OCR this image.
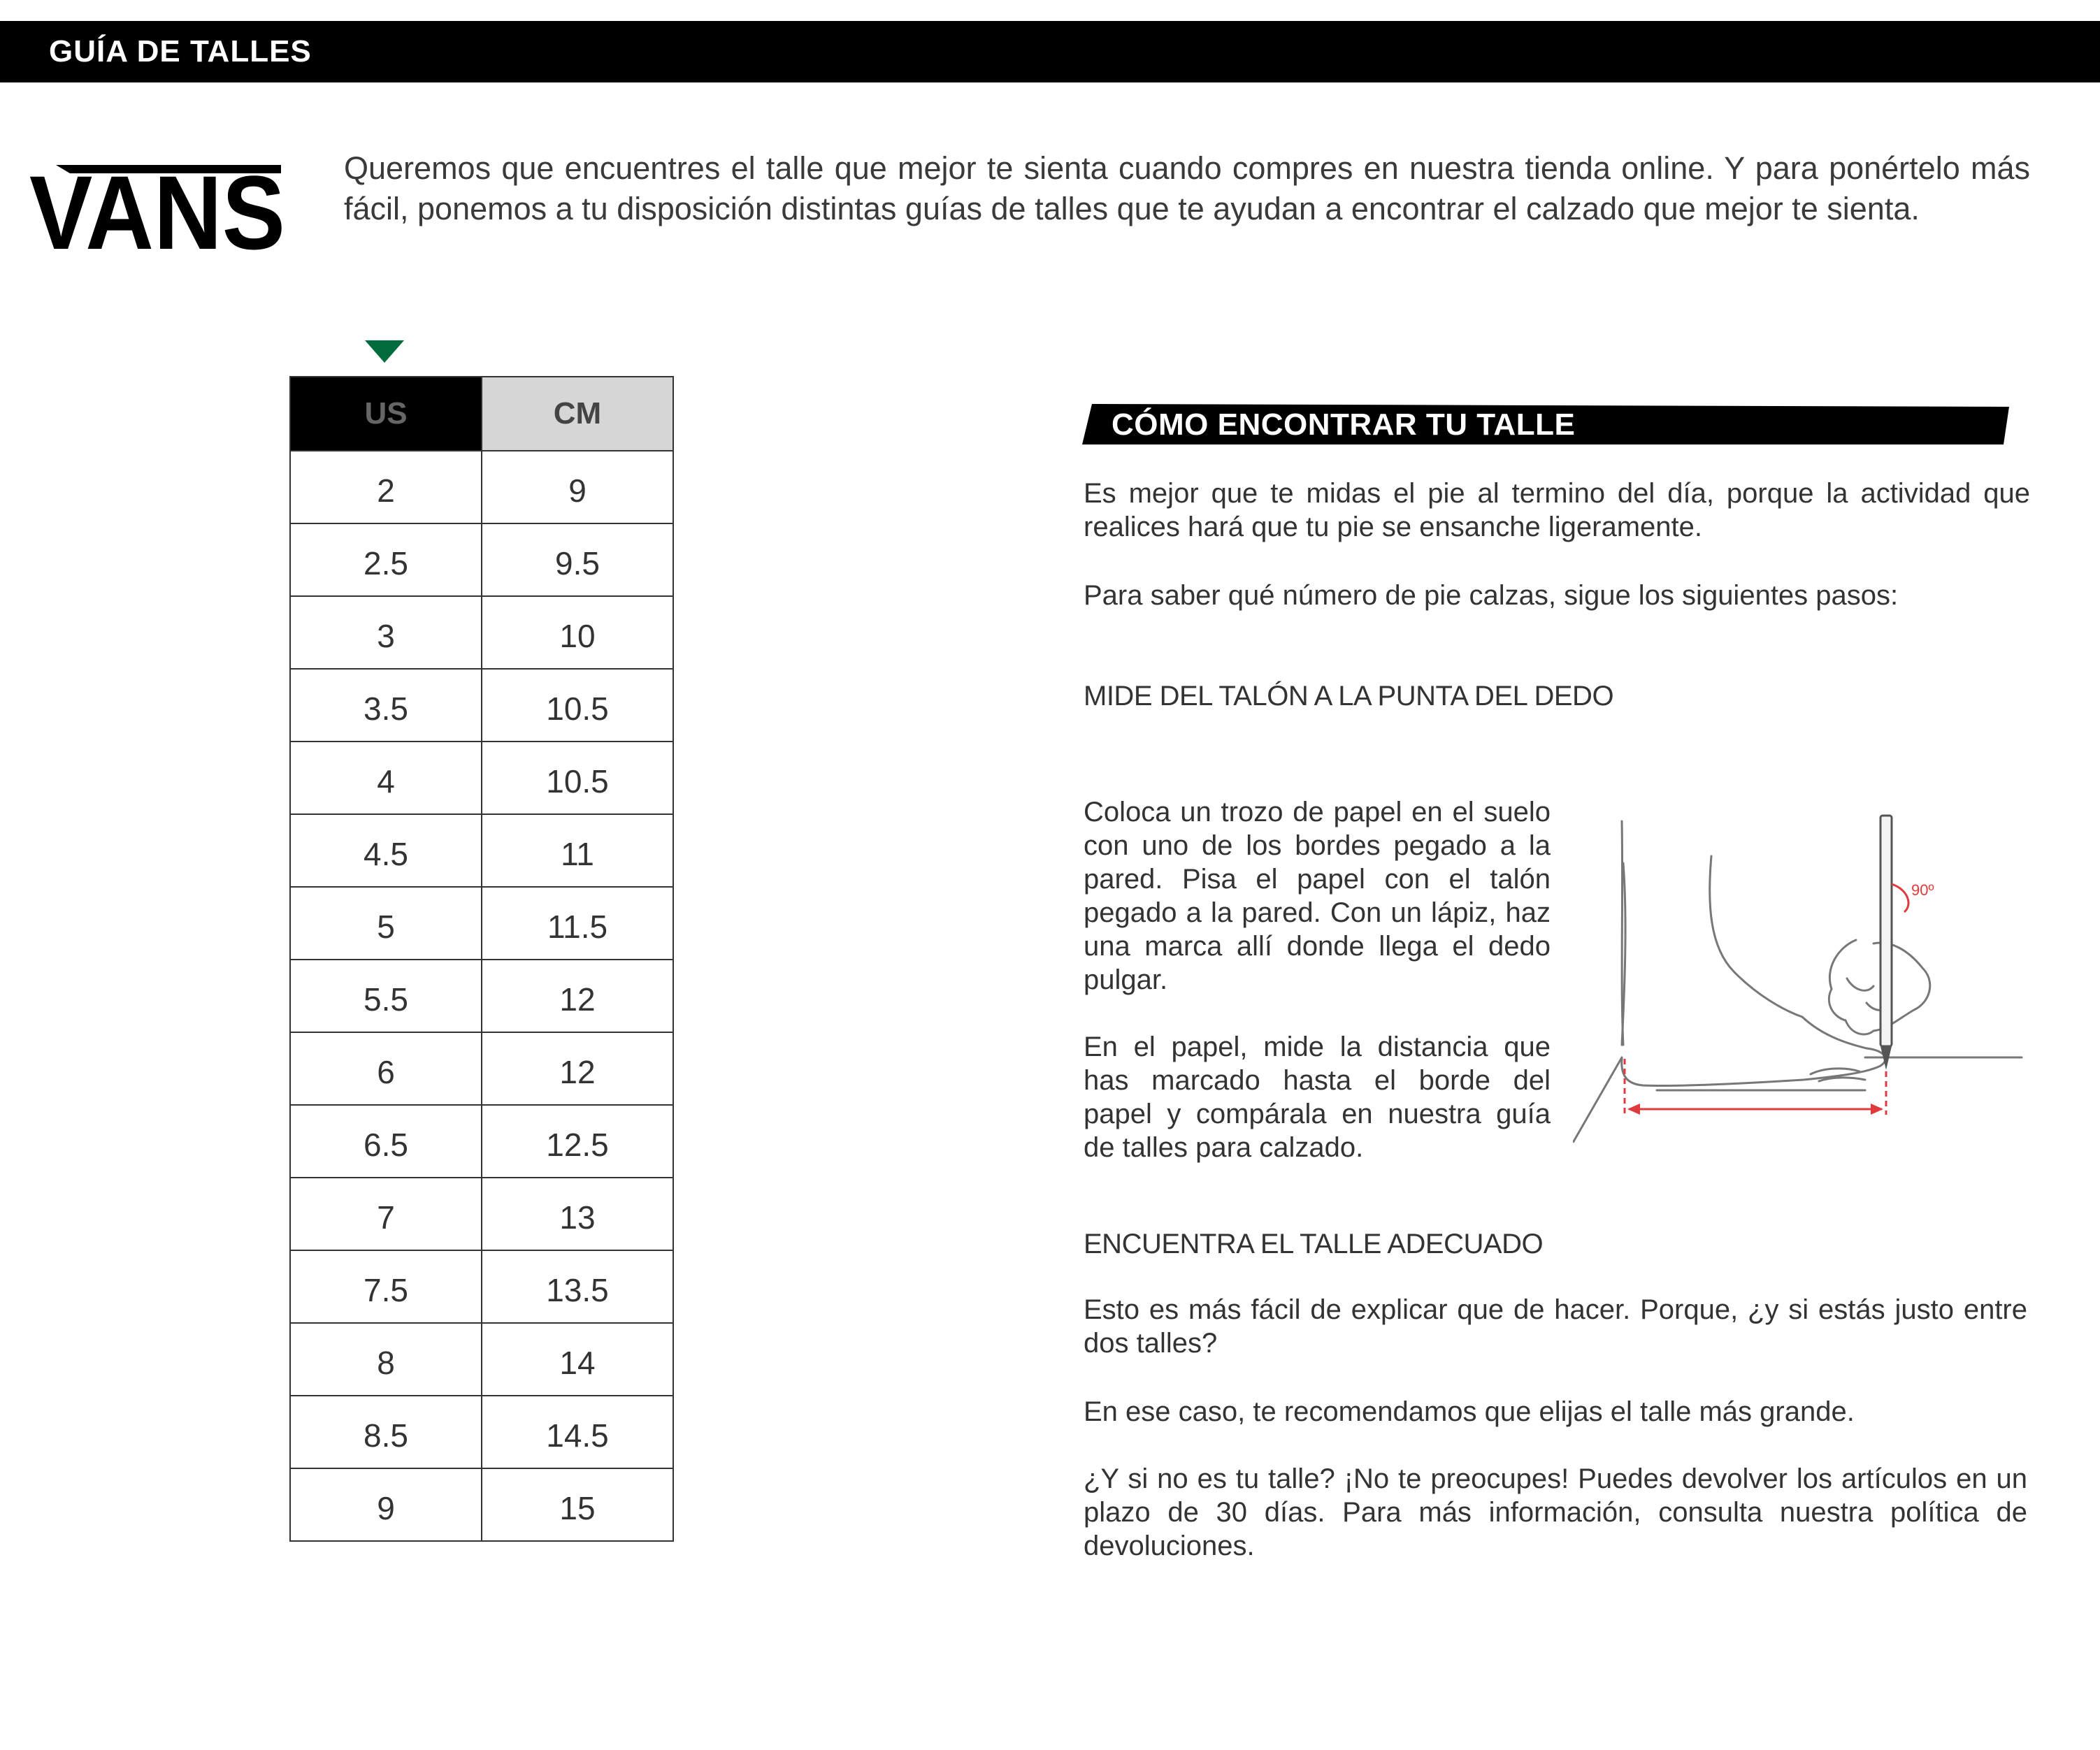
GUÍA DE TALLES
VANS Queremos que encuentres el talle que mejor te sienta cuando compres en nuestra tienda online. Y para ponértelo más fácil, ponemos a tu disposición distintas guías de talles que te ayudan a encontrar el calzado que mejor te sienta.

US	CM
2	9
2.5	9.5
3	10
3.5	10.5
4	10.5
4.5	11
5	11.5
5.5	12
6	12
6.5	12.5
7	13
7.5	13.5
8	14
8.5	14.5
9	15
CÓMO ENCONTRAR TU TALLE

Es mejor que te midas el pie al termino del día, porque la actividad que realices hará que tu pie se ensanche ligeramente.

Para saber qué número de pie calzas, sigue los siguientes pasos:

MIDE DEL TALÓN A LA PUNTA DEL DEDO

Coloca un trozo de papel en el suelo con uno de los bordes pegado a la pared. Pisa el papel con el talón pegado a la pared. Con un lápiz, haz una marca allí donde llega el dedo pulgar.

En el papel, mide la distancia que has marcado hasta el borde del papel y compárala en nuestra guía de talles para calzado.

90º

ENCUENTRA EL TALLE ADECUADO

Esto es más fácil de explicar que de hacer. Porque, ¿y si estás justo entre dos talles?

En ese caso, te recomendamos que elijas el talle más grande.

¿Y si no es tu talle? ¡No te preocupes! Puedes devolver los artículos en un plazo de 30 días. Para más información, consulta nuestra política de devoluciones.
